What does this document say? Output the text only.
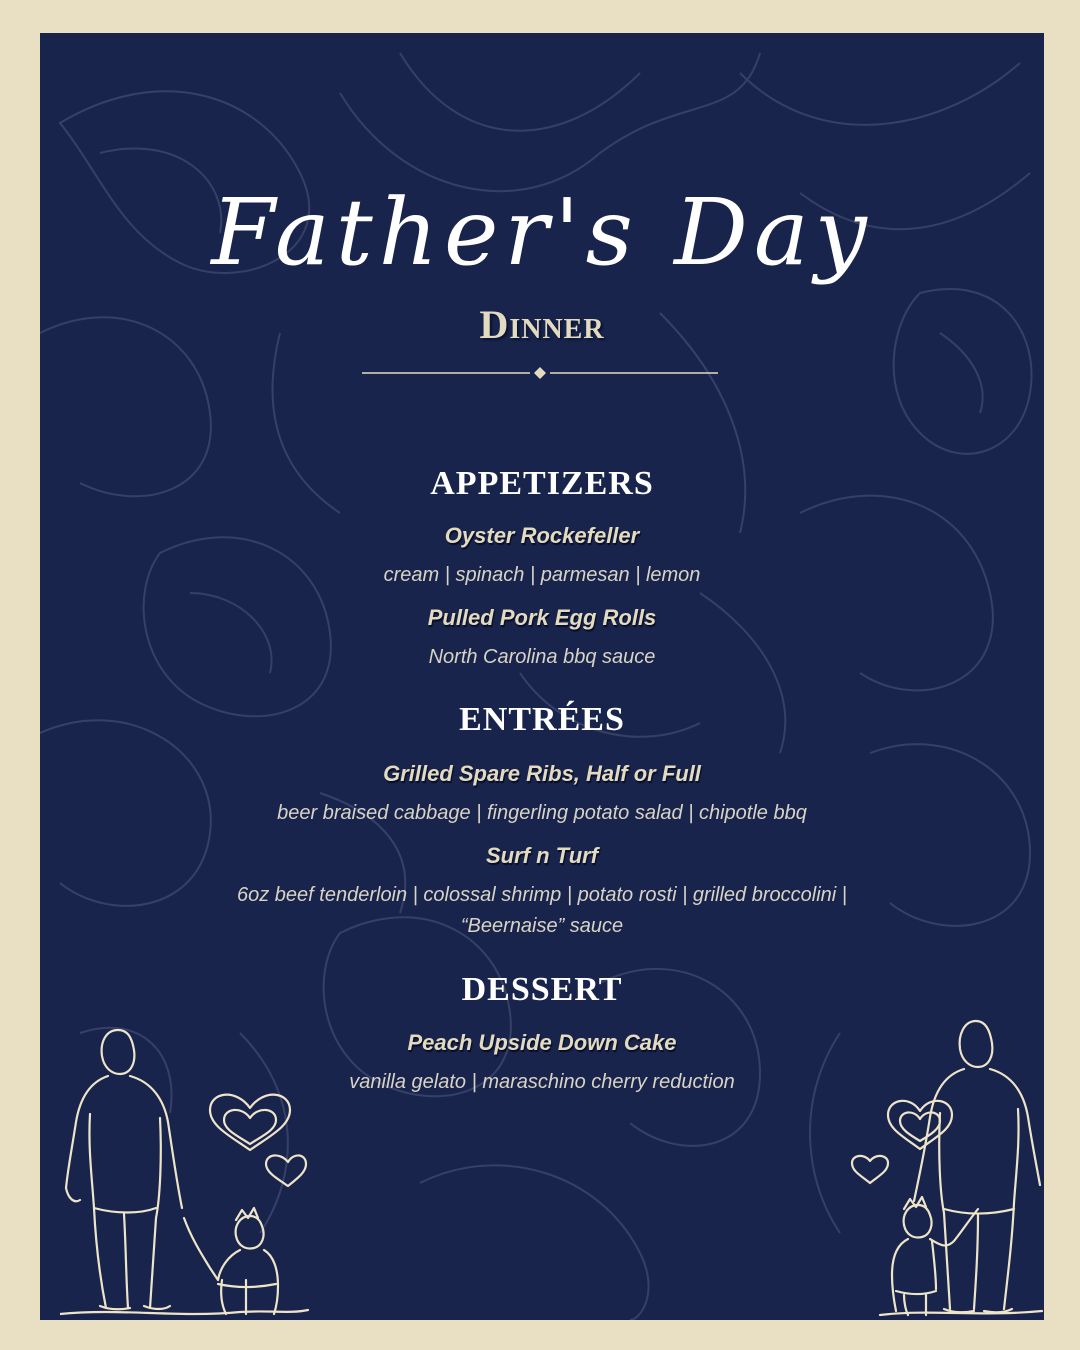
Father's Day
Dinner
APPETIZERS
Oyster Rockefeller
cream | spinach | parmesan | lemon
Pulled Pork Egg Rolls
North Carolina bbq sauce
ENTRÉES
Grilled Spare Ribs, Half or Full
beer braised cabbage | fingerling potato salad | chipotle bbq
Surf n Turf
6oz beef tenderloin | colossal shrimp | potato rosti | grilled broccolini | “Beernaise” sauce
DESSERT
Peach Upside Down Cake
vanilla gelato | maraschino cherry reduction
